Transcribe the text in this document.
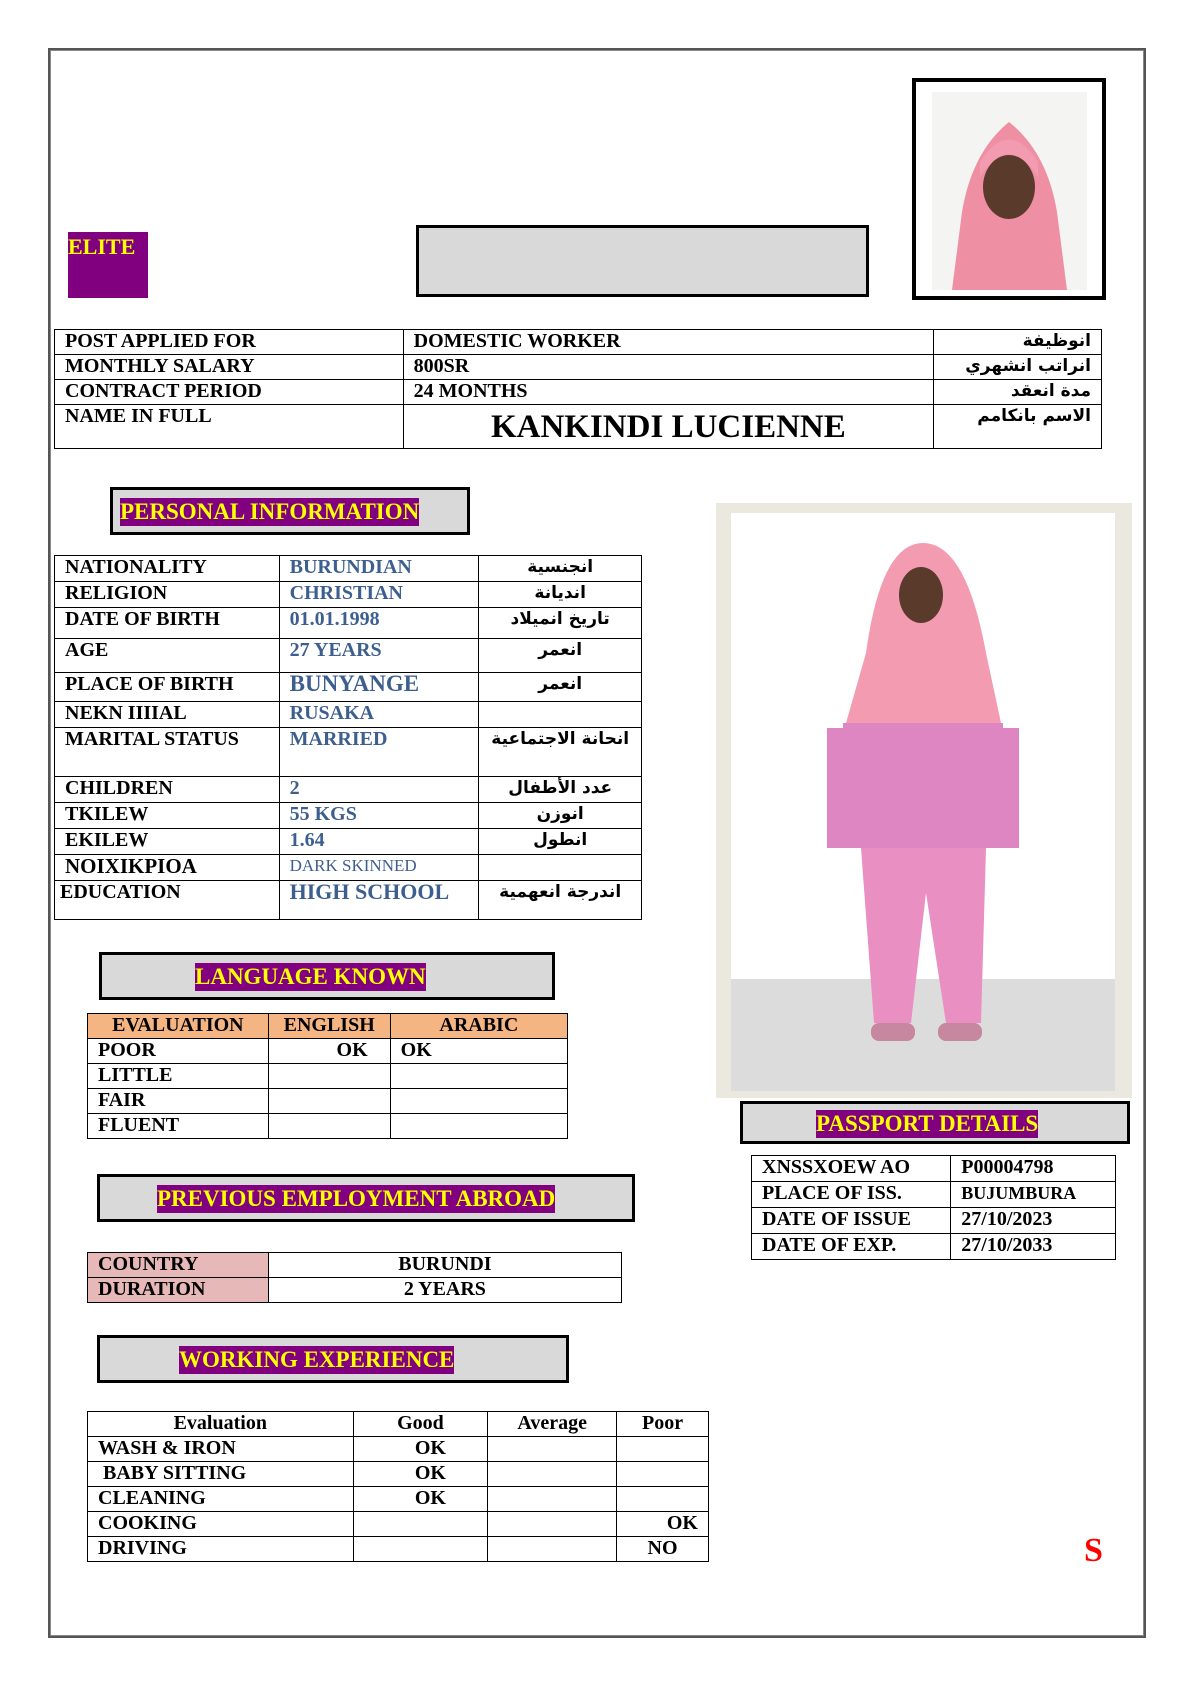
ELITE
POST APPLIED FOR	DOMESTIC WORKER	انوظيفة
MONTHLY SALARY	800SR	انراتب انشهري
CONTRACT PERIOD	24 MONTHS	مدة انعقد
NAME IN FULL	KANKINDI LUCIENNE	الاسم بانكامم
PERSONAL INFORMATION
NATIONALITY	BURUNDIAN	انجنسية
RELIGION	CHRISTIAN	انديانة
DATE OF BIRTH	01.01.1998	تاريخ انميلاد
AGE	27 YEARS	انعمر
PLACE OF BIRTH	BUNYANGE	انعمر
NEKN IIIIAL	RUSAKA	
MARITAL STATUS	MARRIED	انحانة الاجتماعية
CHILDREN	2	عدد الأطفال
TKILEW	55 KGS	انوزن
EKILEW	1.64	انطول
NOIXIKPIOA	DARK SKINNED	
EDUCATION	HIGH SCHOOL	اندرجة انعهمية
LANGUAGE KNOWN
EVALUATION	ENGLISH	ARABIC
POOR	OK	OK
LITTLE		
FAIR		
FLUENT		
PREVIOUS EMPLOYMENT ABROAD
COUNTRY	BURUNDI
DURATION	2 YEARS
WORKING EXPERIENCE
Evaluation	Good	Average	Poor
WASH & IRON	OK		
BABY SITTING	OK		
CLEANING	OK		
COOKING			OK
DRIVING			NO
PASSPORT DETAILS
XNSSXOEW AO	P00004798
PLACE OF ISS.	BUJUMBURA
DATE OF ISSUE	27/10/2023
DATE OF EXP.	27/10/2033
S
